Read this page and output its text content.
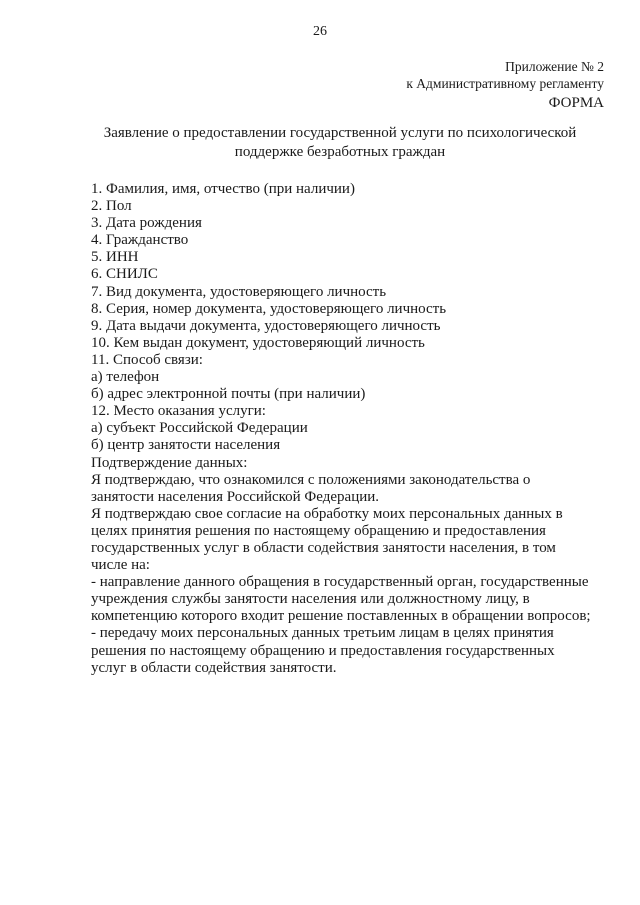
26
Приложение № 2
к Административному регламенту
ФОРМА
Заявление о предоставлении государственной услуги по психологической
поддержке безработных граждан
1. Фамилия, имя, отчество (при наличии)
2. Пол
3. Дата рождения
4. Гражданство
5. ИНН
6. СНИЛС
7. Вид документа, удостоверяющего личность
8. Серия, номер документа, удостоверяющего личность
9. Дата выдачи документа, удостоверяющего личность
10. Кем выдан документ, удостоверяющий личность
11. Способ связи:
а) телефон
б) адрес электронной почты (при наличии)
12. Место оказания услуги:
а) субъект Российской Федерации
б) центр занятости населения
Подтверждение данных:
Я подтверждаю, что ознакомился с положениями законодательства о занятости населения Российской Федерации.
Я подтверждаю свое согласие на обработку моих персональных данных в целях принятия решения по настоящему обращению и предоставления государственных услуг в области содействия занятости населения, в том числе на:
- направление данного обращения в государственный орган, государственные учреждения службы занятости населения или должностному лицу, в компетенцию которого входит решение поставленных в обращении вопросов;
- передачу моих персональных данных третьим лицам в целях принятия решения по настоящему обращению и предоставления государственных услуг в области содействия занятости.
